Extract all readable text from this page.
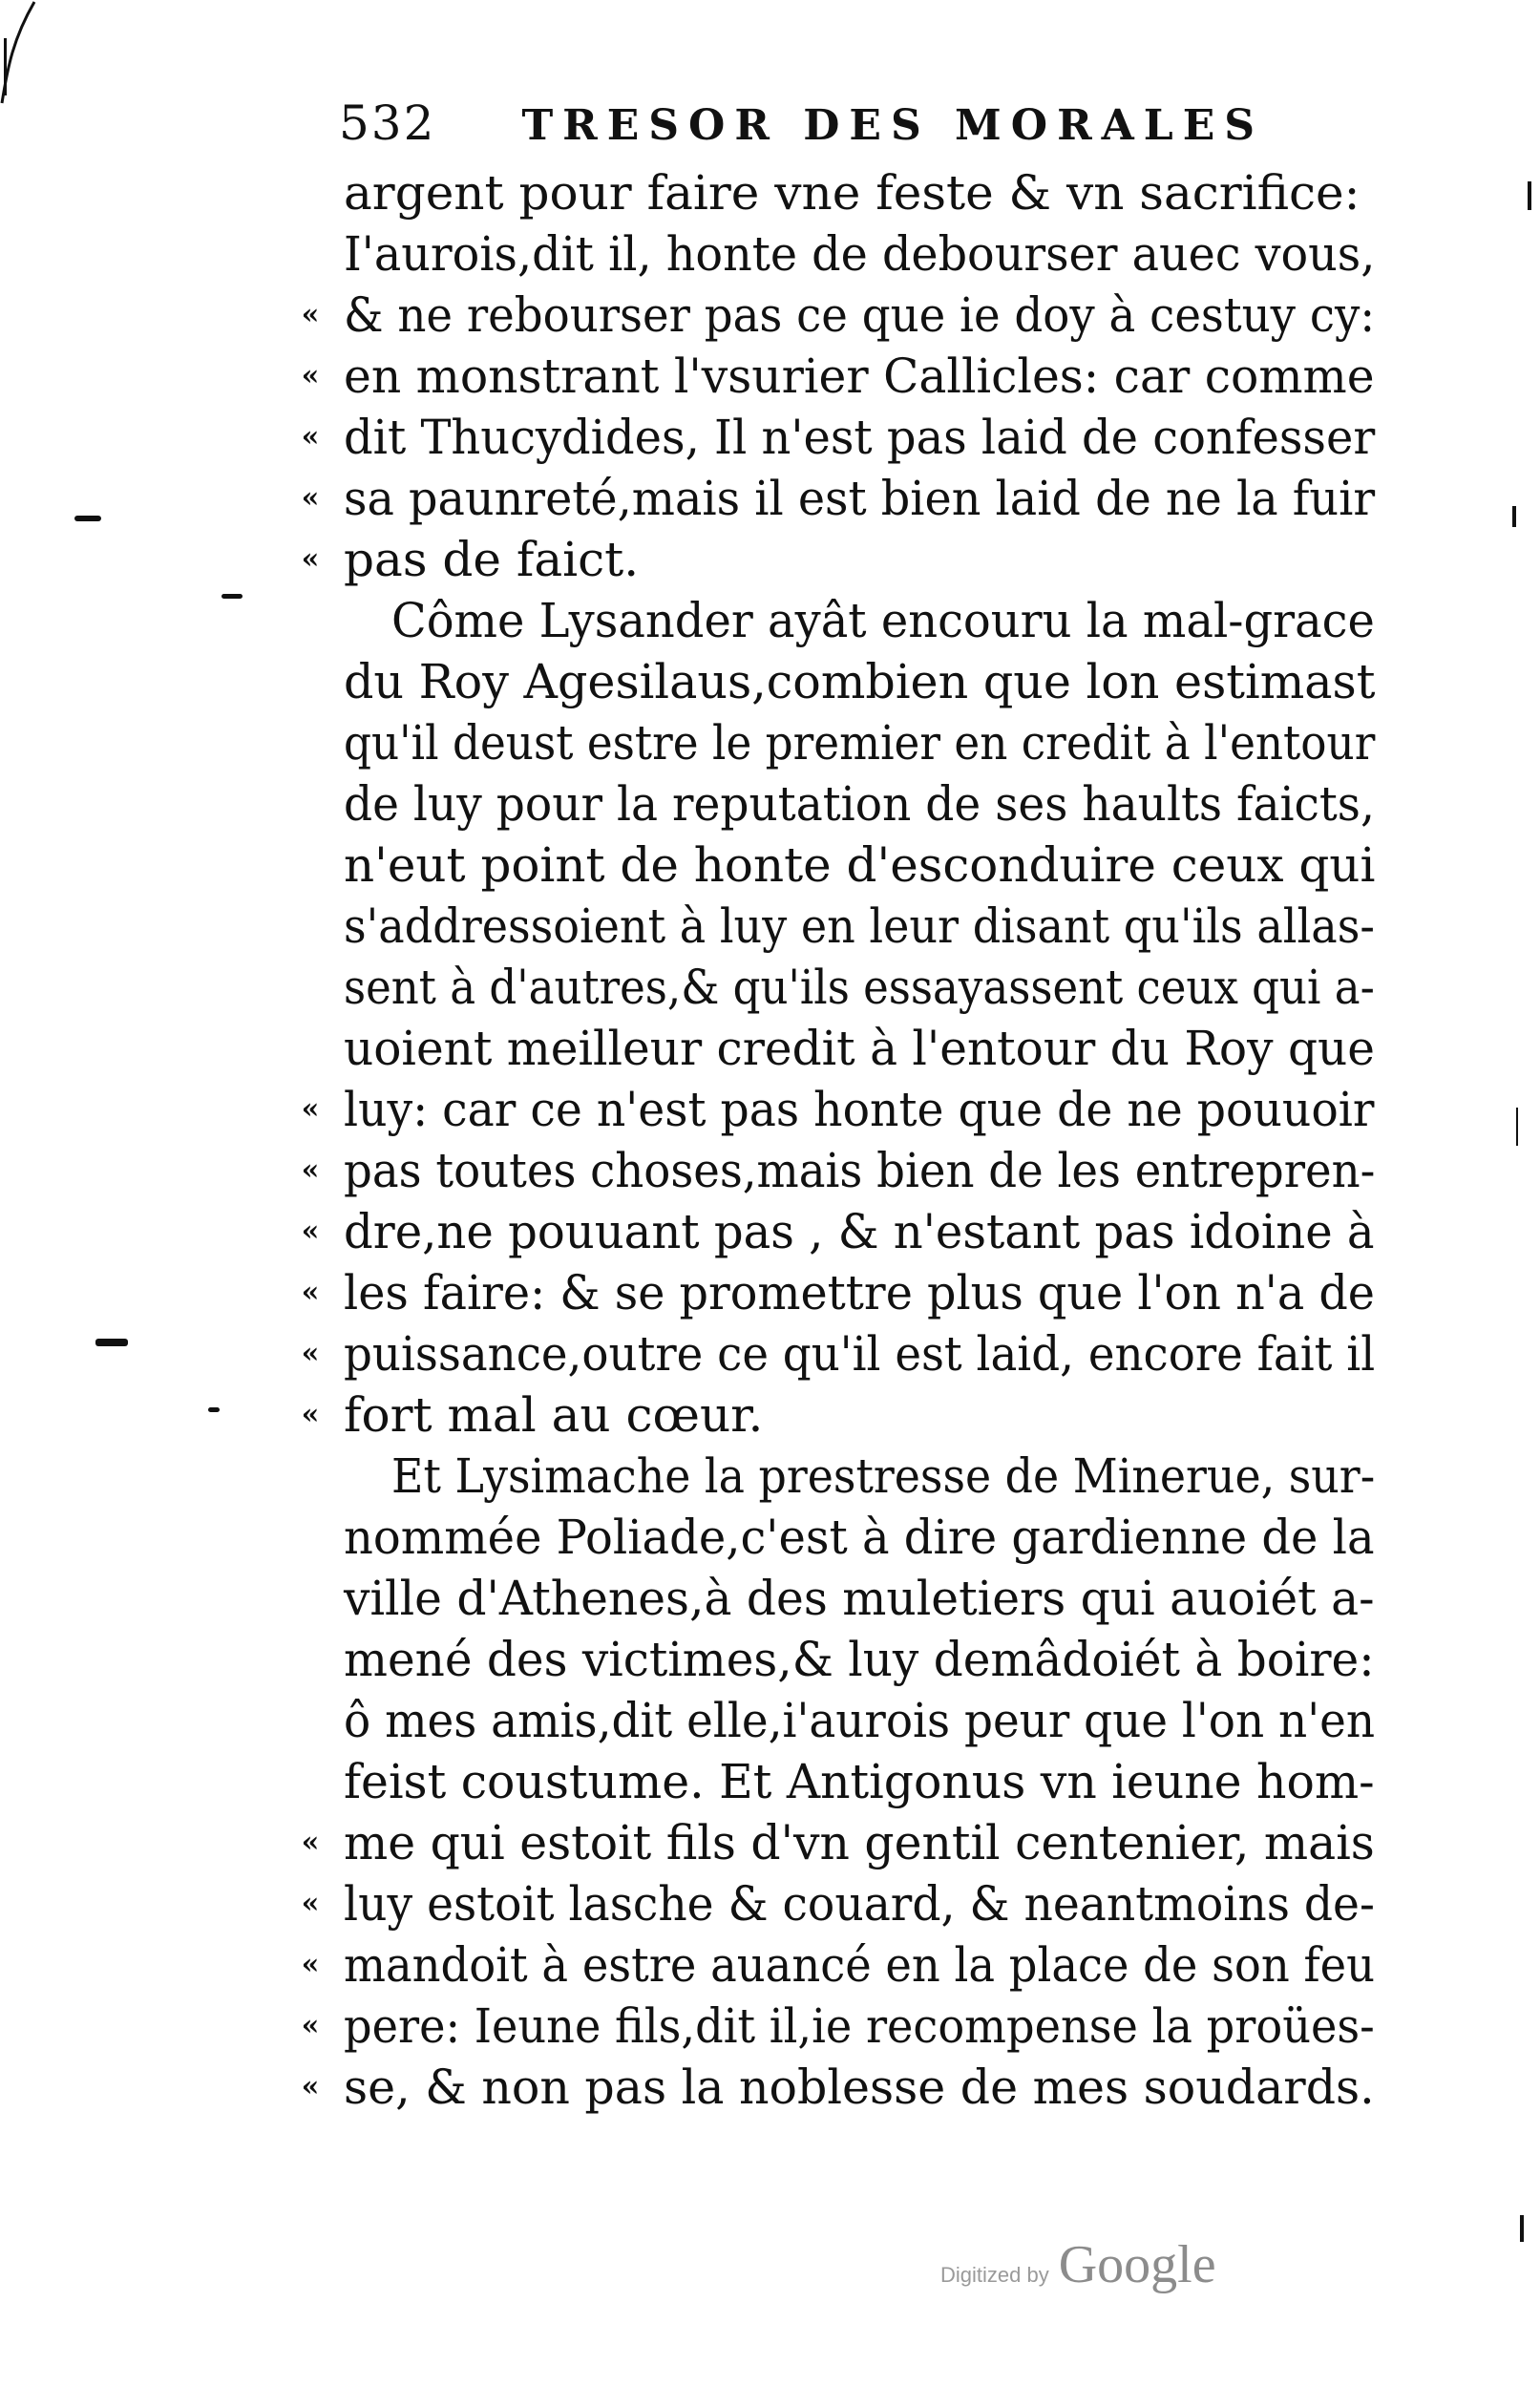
532 TRESOR DES MORALES
argent pour faire vne feste & vn sacrifice:
I'aurois,dit il, honte de debourser auec vous,
« & ne rebourser pas ce que ie doy à cestuy cy:
« en monstrant l'vsurier Callicles: car comme
« dit Thucydides, Il n'est pas laid de confesser
« sa paunreté,mais il est bien laid de ne la fuir
« pas de faict.
Côme Lysander ayât encouru la mal-grace
du Roy Agesilaus,combien que lon estimast
qu'il deust estre le premier en credit à l'entour
de luy pour la reputation de ses haults faicts,
n'eut point de honte d'esconduire ceux qui
s'addressoient à luy en leur disant qu'ils allas-
sent à d'autres,& qu'ils essayassent ceux qui a-
uoient meilleur credit à l'entour du Roy que
« luy: car ce n'est pas honte que de ne pouuoir
« pas toutes choses,mais bien de les entrepren-
« dre,ne pouuant pas , & n'estant pas idoine à
« les faire: & se promettre plus que l'on n'a de
« puissance,outre ce qu'il est laid, encore fait il
« fort mal au cœur.
Et Lysimache la prestresse de Minerue, sur-
nommée Poliade,c'est à dire gardienne de la
ville d'Athenes,à des muletiers qui auoiét a-
mené des victimes,& luy demâdoiét à boire:
ô mes amis,dit elle,i'aurois peur que l'on n'en
feist coustume. Et Antigonus vn ieune hom-
« me qui estoit fils d'vn gentil centenier, mais
« luy estoit lasche & couard, & neantmoins de-
« mandoit à estre auancé en la place de son feu
« pere: Ieune fils,dit il,ie recompense la proües-
« se, & non pas la noblesse de mes soudards.
Digitized by Google
